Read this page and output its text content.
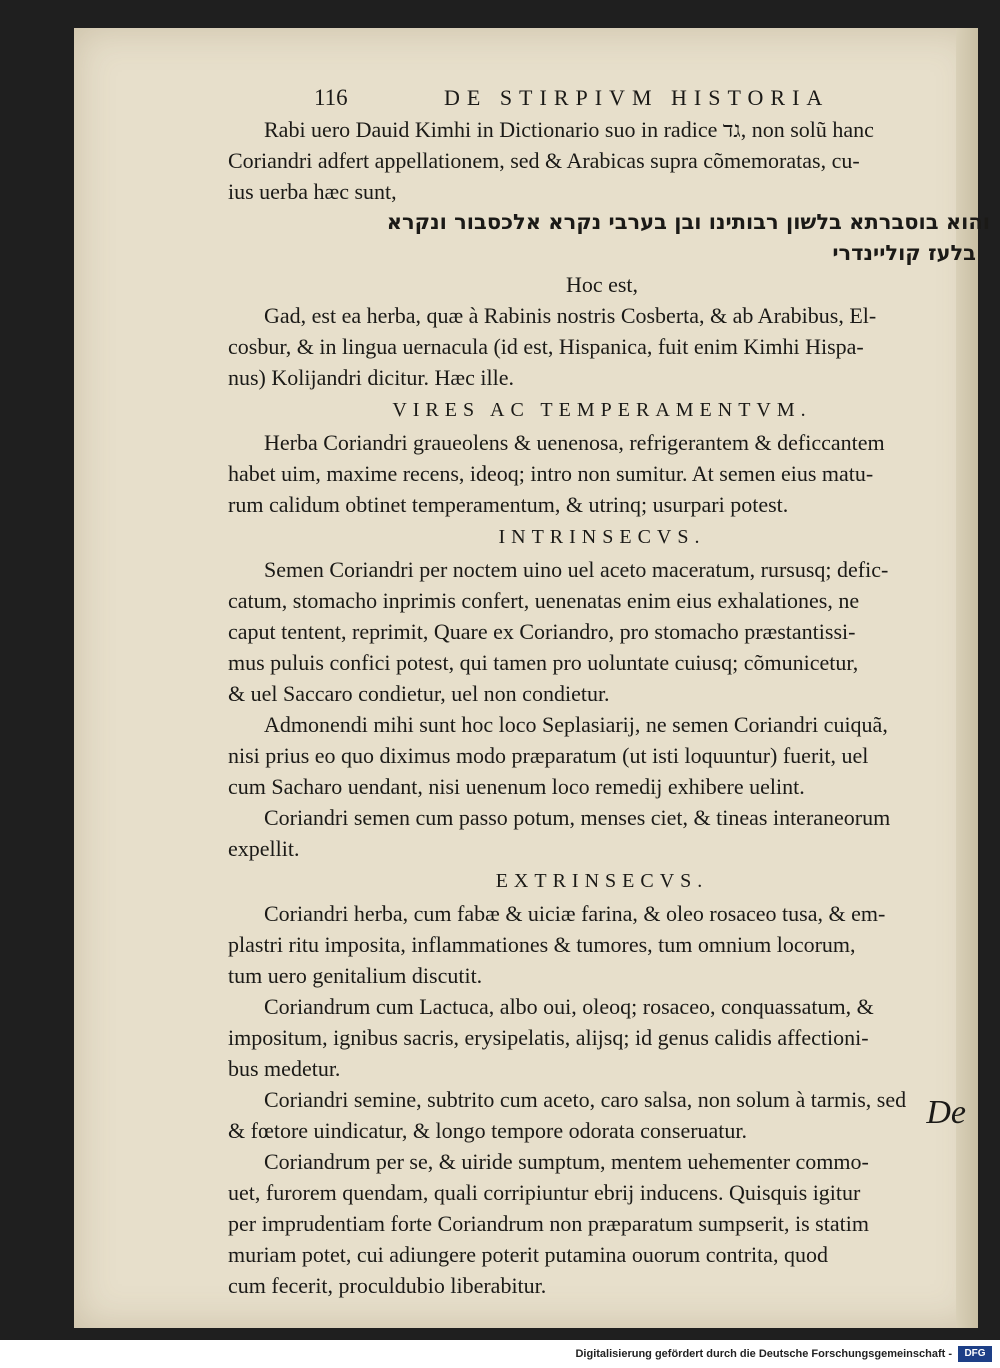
116	DE STIRPIVM HISTORIA
Rabi uero Dauid Kimhi in Dictionario suo in radice גד, non solũ hanc
Coriandri adfert appellationem, sed & Arabicas supra cõmemoratas, cu-
ius uerba hæc sunt,
והוא בוסברתא בלשון רבותינו ובן בערבי נקרא אלכסבור ונקרא
בלעז קוליינדרי
Hoc est,
Gad, est ea herba, quæ à Rabinis nostris Cosberta, & ab Arabibus, El-
cosbur, & in lingua uernacula (id est, Hispanica, fuit enim Kimhi Hispa-
nus) Kolijandri dicitur. Hæc ille.
VIRES AC TEMPERAMENTVM.
Herba Coriandri graueolens & uenenosa, refrigerantem & deficcantem
habet uim, maxime recens, ideoq; intro non sumitur. At semen eius matu-
rum calidum obtinet temperamentum, & utrinq; usurpari potest.
INTRINSECVS.
Semen Coriandri per noctem uino uel aceto maceratum, rursusq; defic-
catum, stomacho inprimis confert, uenenatas enim eius exhalationes, ne
caput tentent, reprimit, Quare ex Coriandro, pro stomacho præstantissi-
mus puluis confici potest, qui tamen pro uoluntate cuiusq; cõmunicetur,
& uel Saccaro condietur, uel non condietur.
Admonendi mihi sunt hoc loco Seplasiarij, ne semen Coriandri cuiquã,
nisi prius eo quo diximus modo præparatum (ut isti loquuntur) fuerit, uel
cum Sacharo uendant, nisi uenenum loco remedij exhibere uelint.
Coriandri semen cum passo potum, menses ciet, & tineas interaneorum
expellit.
EXTRINSECVS.
Coriandri herba, cum fabæ & uiciæ farina, & oleo rosaceo tusa, & em-
plastri ritu imposita, inflammationes & tumores, tum omnium locorum,
tum uero genitalium discutit.
Coriandrum cum Lactuca, albo oui, oleoq; rosaceo, conquassatum, &
impositum, ignibus sacris, erysipelatis, alijsq; id genus calidis affectioni-
bus medetur.
Coriandri semine, subtrito cum aceto, caro salsa, non solum à tarmis, sed
& fœtore uindicatur, & longo tempore odorata conseruatur.
Coriandrum per se, & uiride sumptum, mentem uehementer commo-
uet, furorem quendam, quali corripiuntur ebrij inducens. Quisquis igitur
per imprudentiam forte Coriandrum non præparatum sumpserit, is statim
muriam potet, cui adiungere poterit putamina ouorum contrita, quod
cum fecerit, proculdubio liberabitur.
De
Digitalisierung gefördert durch die Deutsche Forschungsgemeinschaft -	DFG
